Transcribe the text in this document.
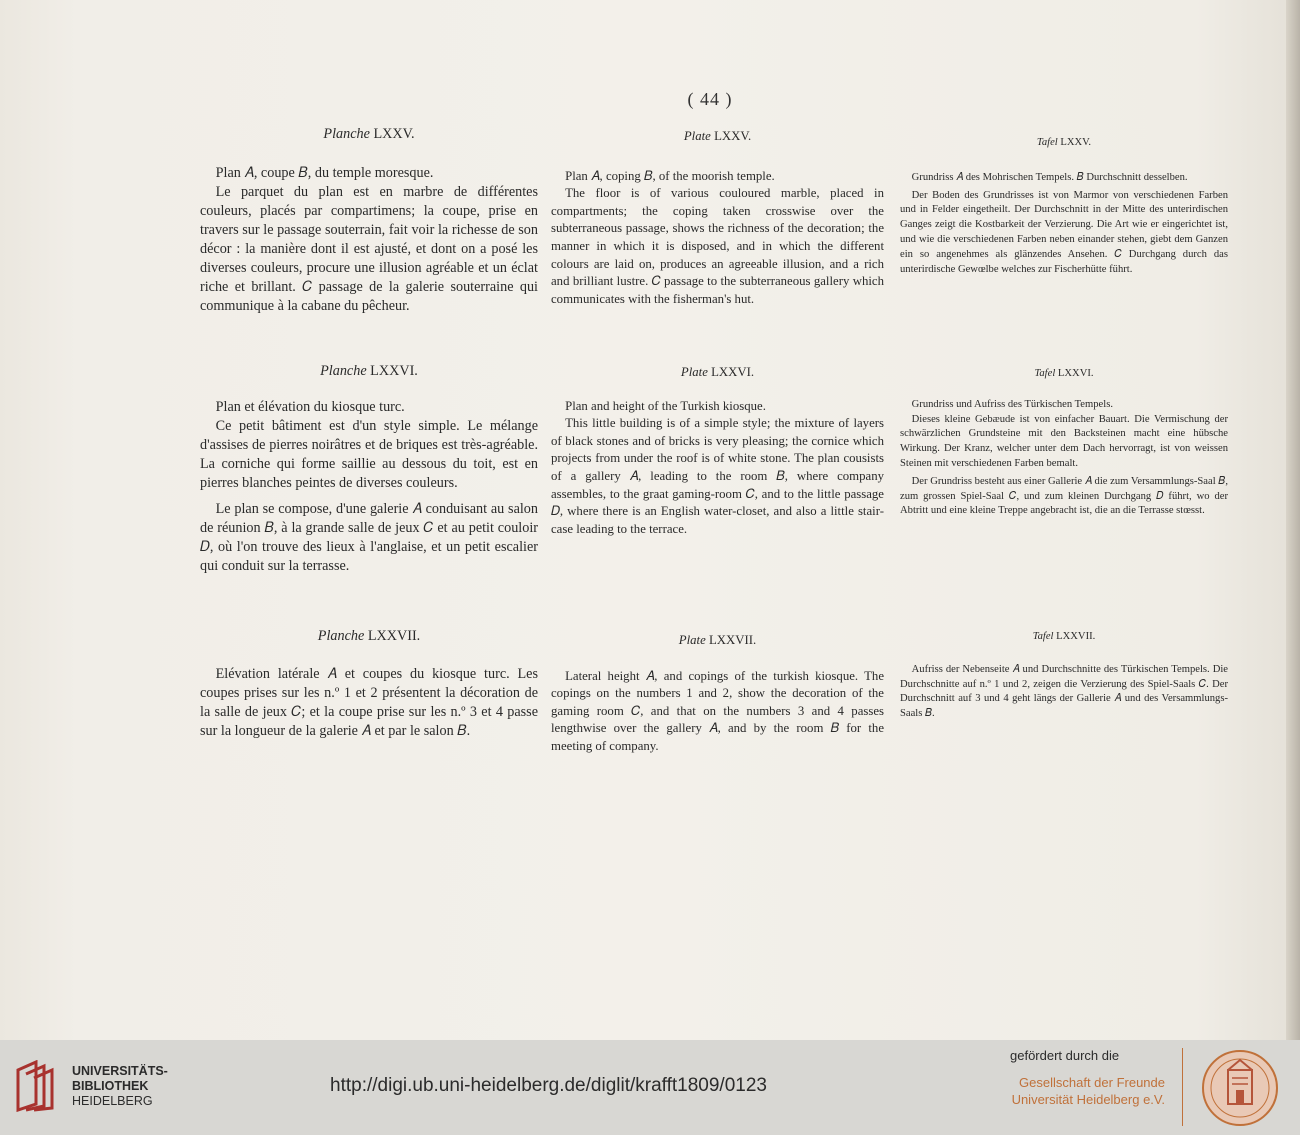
( 44 )

Planche LXXV.

Plan 𝐴, coupe 𝐵, du temple moresque.

Le parquet du plan est en marbre de différentes couleurs, placés par compartimens; la coupe, prise en travers sur le passage souterrain, fait voir la richesse de son décor : la manière dont il est ajusté, et dont on a posé les diverses couleurs, procure une illusion agréable et un éclat riche et brillant. 𝐶 passage de la galerie souterraine qui communique à la cabane du pêcheur.

Planche LXXVI.

Plan et élévation du kiosque turc.

Ce petit bâtiment est d'un style simple. Le mélange d'assises de pierres noirâtres et de briques est très-agréable. La corniche qui forme saillie au dessous du toit, est en pierres blanches peintes de diverses couleurs.

Le plan se compose, d'une galerie 𝐴 conduisant au salon de réunion 𝐵, à la grande salle de jeux 𝐶 et au petit couloir 𝐷, où l'on trouve des lieux à l'anglaise, et un petit escalier qui conduit sur la terrasse.

Planche LXXVII.

Elévation latérale 𝐴 et coupes du kiosque turc. Les coupes prises sur les n.º 1 et 2 présentent la décoration de la salle de jeux 𝐶; et la coupe prise sur les n.º 3 et 4 passe sur la longueur de la galerie 𝐴 et par le salon 𝐵.

Plate LXXV.

Plan 𝐴, coping 𝐵, of the moorish temple.

The floor is of various couloured marble, placed in compartments; the coping taken crosswise over the subterraneous passage, shows the richness of the decoration; the manner in which it is disposed, and in which the different colours are laid on, produces an agreeable illusion, and a rich and brilliant lustre. 𝐶 passage to the subterraneous gallery which communicates with the fisherman's hut.

Plate LXXVI.

Plan and height of the Turkish kiosque.

This little building is of a simple style; the mixture of layers of black stones and of bricks is very pleasing; the cornice which projects from under the roof is of white stone. The plan cousists of a gallery 𝐴, leading to the room 𝐵, where company assembles, to the graat gaming-room 𝐶, and to the little passage 𝐷, where there is an English water-closet, and also a little stair-case leading to the terrace.

Plate LXXVII.

Lateral height 𝐴, and copings of the turkish kiosque. The copings on the numbers 1 and 2, show the decoration of the gaming room 𝐶, and that on the numbers 3 and 4 passes lengthwise over the gallery 𝐴, and by the room 𝐵 for the meeting of company.

Tafel LXXV.

Grundriss 𝐴 des Mohrischen Tempels. 𝐵 Durchschnitt desselben.

Der Boden des Grundrisses ist von Marmor von verschiedenen Farben und in Felder eingetheilt. Der Durchschnitt in der Mitte des unterirdischen Ganges zeigt die Kostbarkeit der Verzierung. Die Art wie er eingerichtet ist, und wie die verschiedenen Farben neben einander stehen, giebt dem Ganzen ein so angenehmes als glänzendes Ansehen. 𝐶 Durchgang durch das unterirdische Gewœlbe welches zur Fischerhütte führt.

Tafel LXXVI.

Grundriss und Aufriss des Türkischen Tempels.

Dieses kleine Gebæude ist von einfacher Bauart. Die Vermischung der schwärzlichen Grundsteine mit den Backsteinen macht eine hübsche Wirkung. Der Kranz, welcher unter dem Dach hervorragt, ist von weissen Steinen mit verschiedenen Farben bemalt.

Der Grundriss besteht aus einer Gallerie 𝐴 die zum Versammlungs-Saal 𝐵, zum grossen Spiel-Saal 𝐶, und zum kleinen Durchgang 𝐷 führt, wo der Abtritt und eine kleine Treppe angebracht ist, die an die Terrasse stœsst.

Tafel LXXVII.

Aufriss der Nebenseite 𝐴 und Durchschnitte des Türkischen Tempels. Die Durchschnitte auf n.º 1 und 2, zeigen die Verzierung des Spiel-Saals 𝐶. Der Durchschnitt auf 3 und 4 geht längs der Gallerie 𝐴 und des Versammlungs-Saals 𝐵.

UNIVERSITÄTS-
BIBLIOTHEK
HEIDELBERG
http://digi.ub.uni-heidelberg.de/diglit/krafft1809/0123
gefördert durch die
Gesellschaft der Freunde
Universität Heidelberg e.V.
